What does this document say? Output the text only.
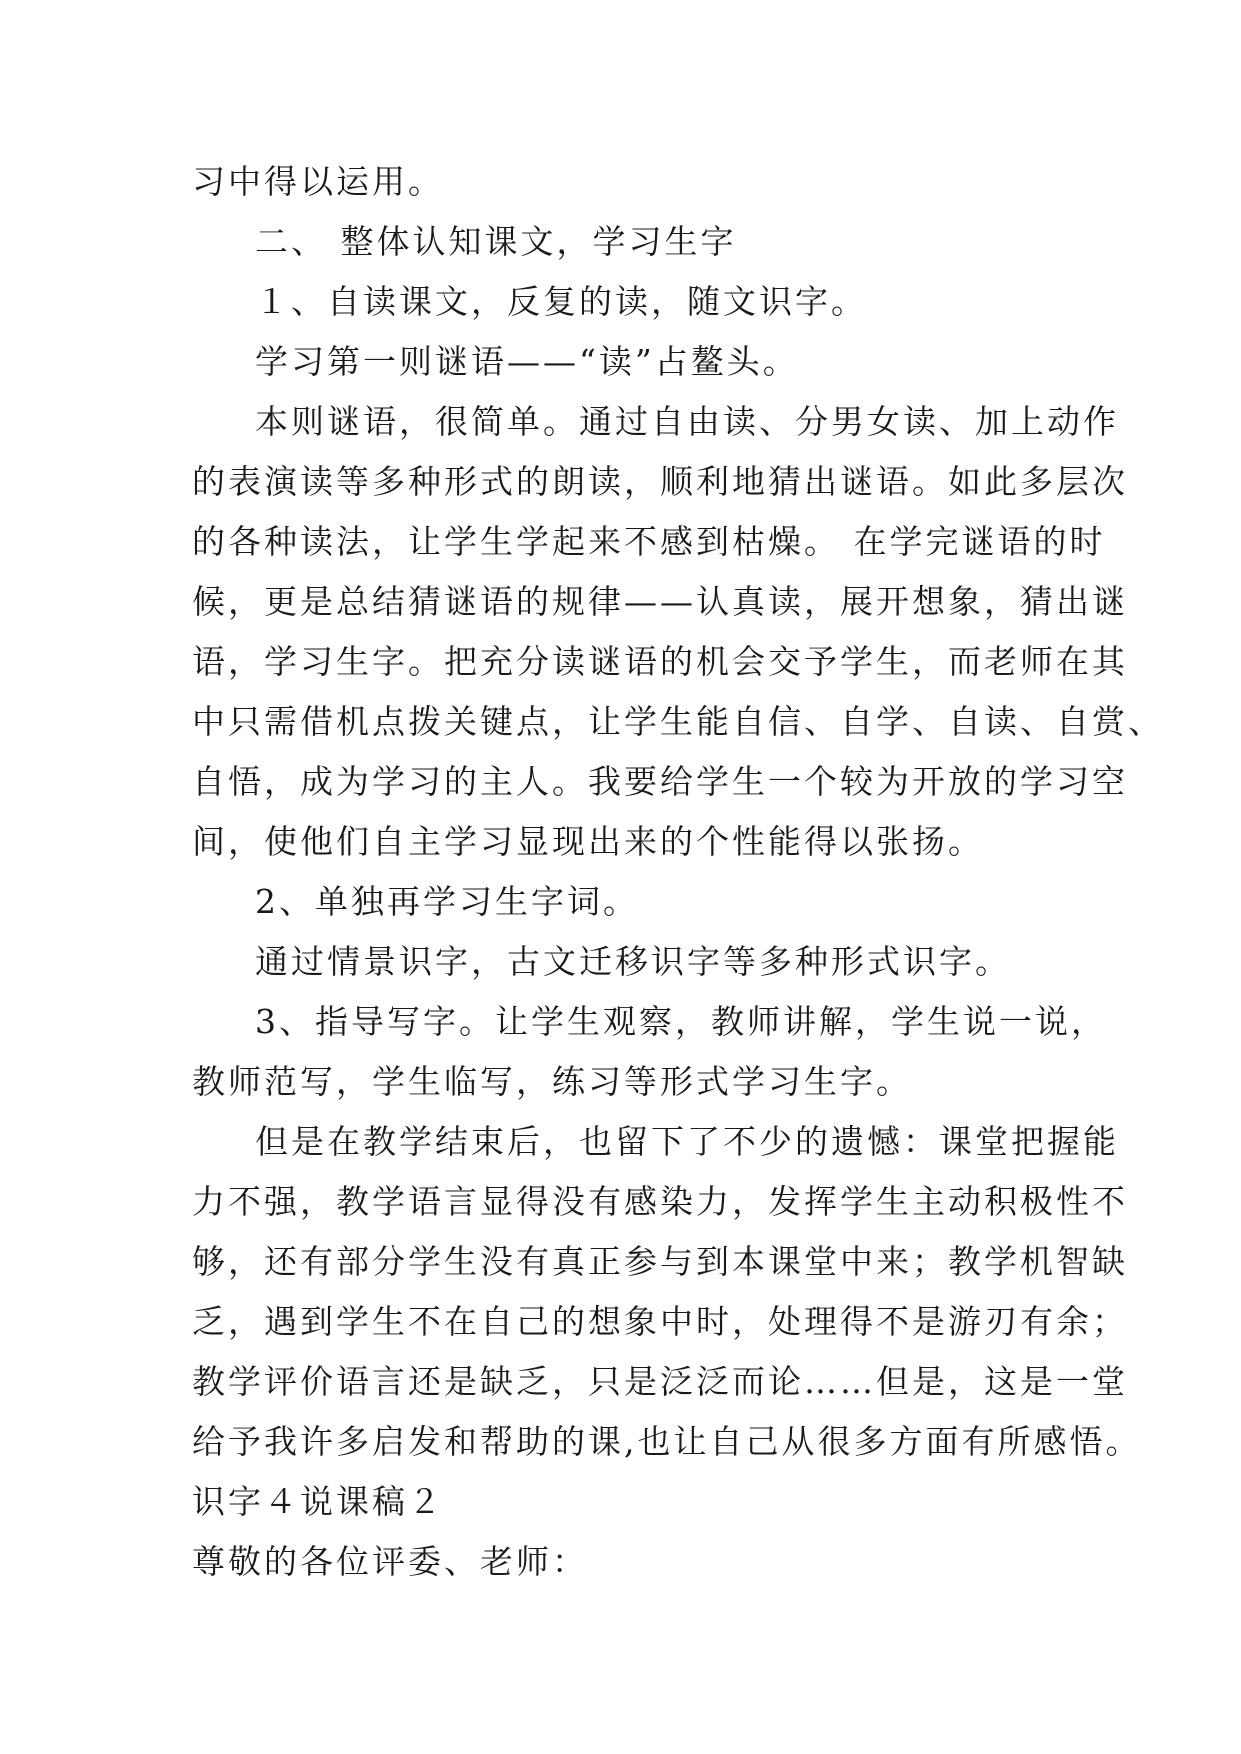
习中得以运用。
二、 整体认知课文，学习生字
１、自读课文，反复的读，随文识字。
学习第一则谜语——“读”占鳌头。
本则谜语，很简单。通过自由读、分男女读、加上动作
的表演读等多种形式的朗读，顺利地猜出谜语。如此多层次
的各种读法，让学生学起来不感到枯燥。 在学完谜语的时
候，更是总结猜谜语的规律——认真读，展开想象，猜出谜
语，学习生字。把充分读谜语的机会交予学生，而老师在其
中只需借机点拨关键点，让学生能自信、自学、自读、自赏、
自悟，成为学习的主人。我要给学生一个较为开放的学习空
间，使他们自主学习显现出来的个性能得以张扬。
2、单独再学习生字词。
通过情景识字，古文迁移识字等多种形式识字。
3、指导写字。让学生观察，教师讲解，学生说一说，
教师范写，学生临写，练习等形式学习生字。
但是在教学结束后，也留下了不少的遗憾：课堂把握能
力不强，教学语言显得没有感染力，发挥学生主动积极性不
够，还有部分学生没有真正参与到本课堂中来；教学机智缺
乏，遇到学生不在自己的想象中时，处理得不是游刃有余；
教学评价语言还是缺乏，只是泛泛而论……但是，这是一堂
给予我许多启发和帮助的课,也让自己从很多方面有所感悟。
识字４说课稿２
尊敬的各位评委、老师：
